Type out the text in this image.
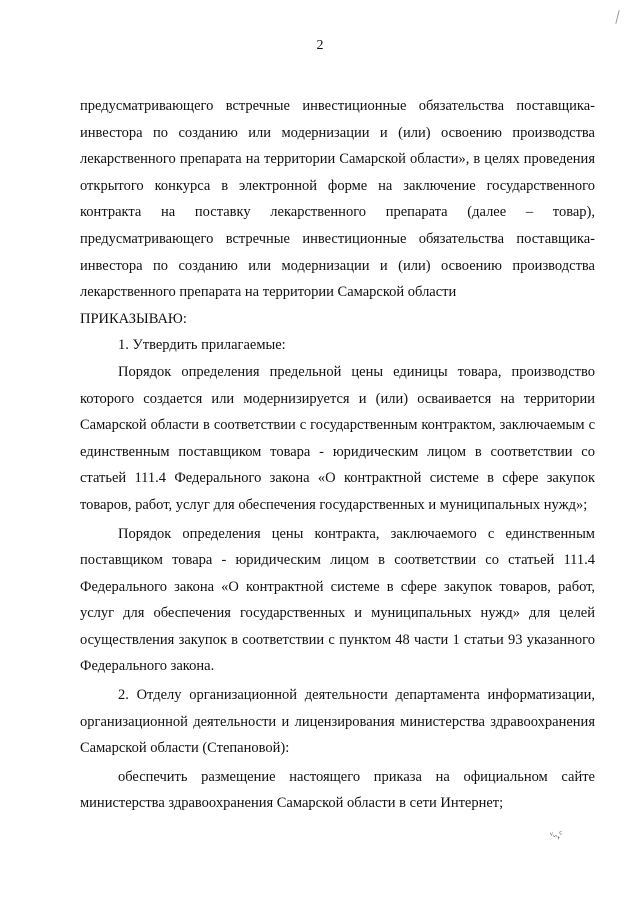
2

предусматривающего встречные инвестиционные обязательства поставщика-инвестора по созданию или модернизации и (или) освоению производства лекарственного препарата на территории Самарской области», в целях проведения открытого конкурса в электронной форме на заключение государственного контракта на поставку лекарственного препарата (далее – товар), предусматривающего встречные инвестиционные обязательства поставщика-инвестора по созданию или модернизации и (или) освоению производства лекарственного препарата на территории Самарской области

ПРИКАЗЫВАЮ:

1. Утвердить прилагаемые:

Порядок определения предельной цены единицы товара, производство которого создается или модернизируется и (или) осваивается на территории Самарской области в соответствии с государственным контрактом, заключаемым с единственным поставщиком товара - юридическим лицом в соответствии со статьей 111.4 Федерального закона «О контрактной системе в сфере закупок товаров, работ, услуг для обеспечения государственных и муниципальных нужд»;

Порядок определения цены контракта, заключаемого с единственным поставщиком товара - юридическим лицом в соответствии со статьей 111.4 Федерального закона «О контрактной системе в сфере закупок товаров, работ, услуг для обеспечения государственных и муниципальных нужд» для целей осуществления закупок в соответствии с пунктом 48 части 1 статьи 93 указанного Федерального закона.

2. Отделу организационной деятельности департамента информатизации, организационной деятельности и лицензирования министерства здравоохранения Самарской области (Степановой):

обеспечить размещение настоящего приказа на официальном сайте министерства здравоохранения Самарской области в сети Интернет;

ᵛ˵,ᶜ
